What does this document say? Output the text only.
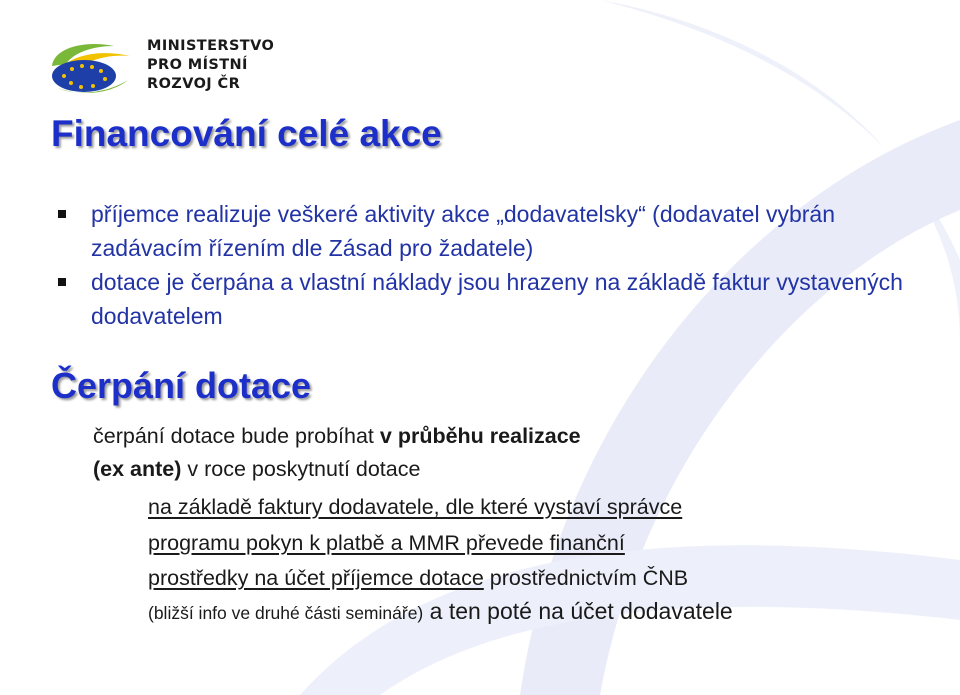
MINISTERSTVO
PRO MÍSTNÍ
ROZVOJ ČR
Financování celé akce
příjemce realizuje veškeré aktivity akce „dodavatelsky“ (dodavatel vybrán zadávacím řízením dle Zásad pro žadatele)
dotace je čerpána a vlastní náklady jsou hrazeny na základě faktur vystavených dodavatelem
Čerpání dotace
čerpání dotace bude probíhat v průběhu realizace
(ex ante) v roce poskytnutí dotace
na základě faktury dodavatele, dle které vystaví správce
programu pokyn k platbě a MMR převede finanční
prostředky na účet příjemce dotace prostřednictvím ČNB
(bližší info ve druhé části semináře) a ten poté na účet dodavatele
